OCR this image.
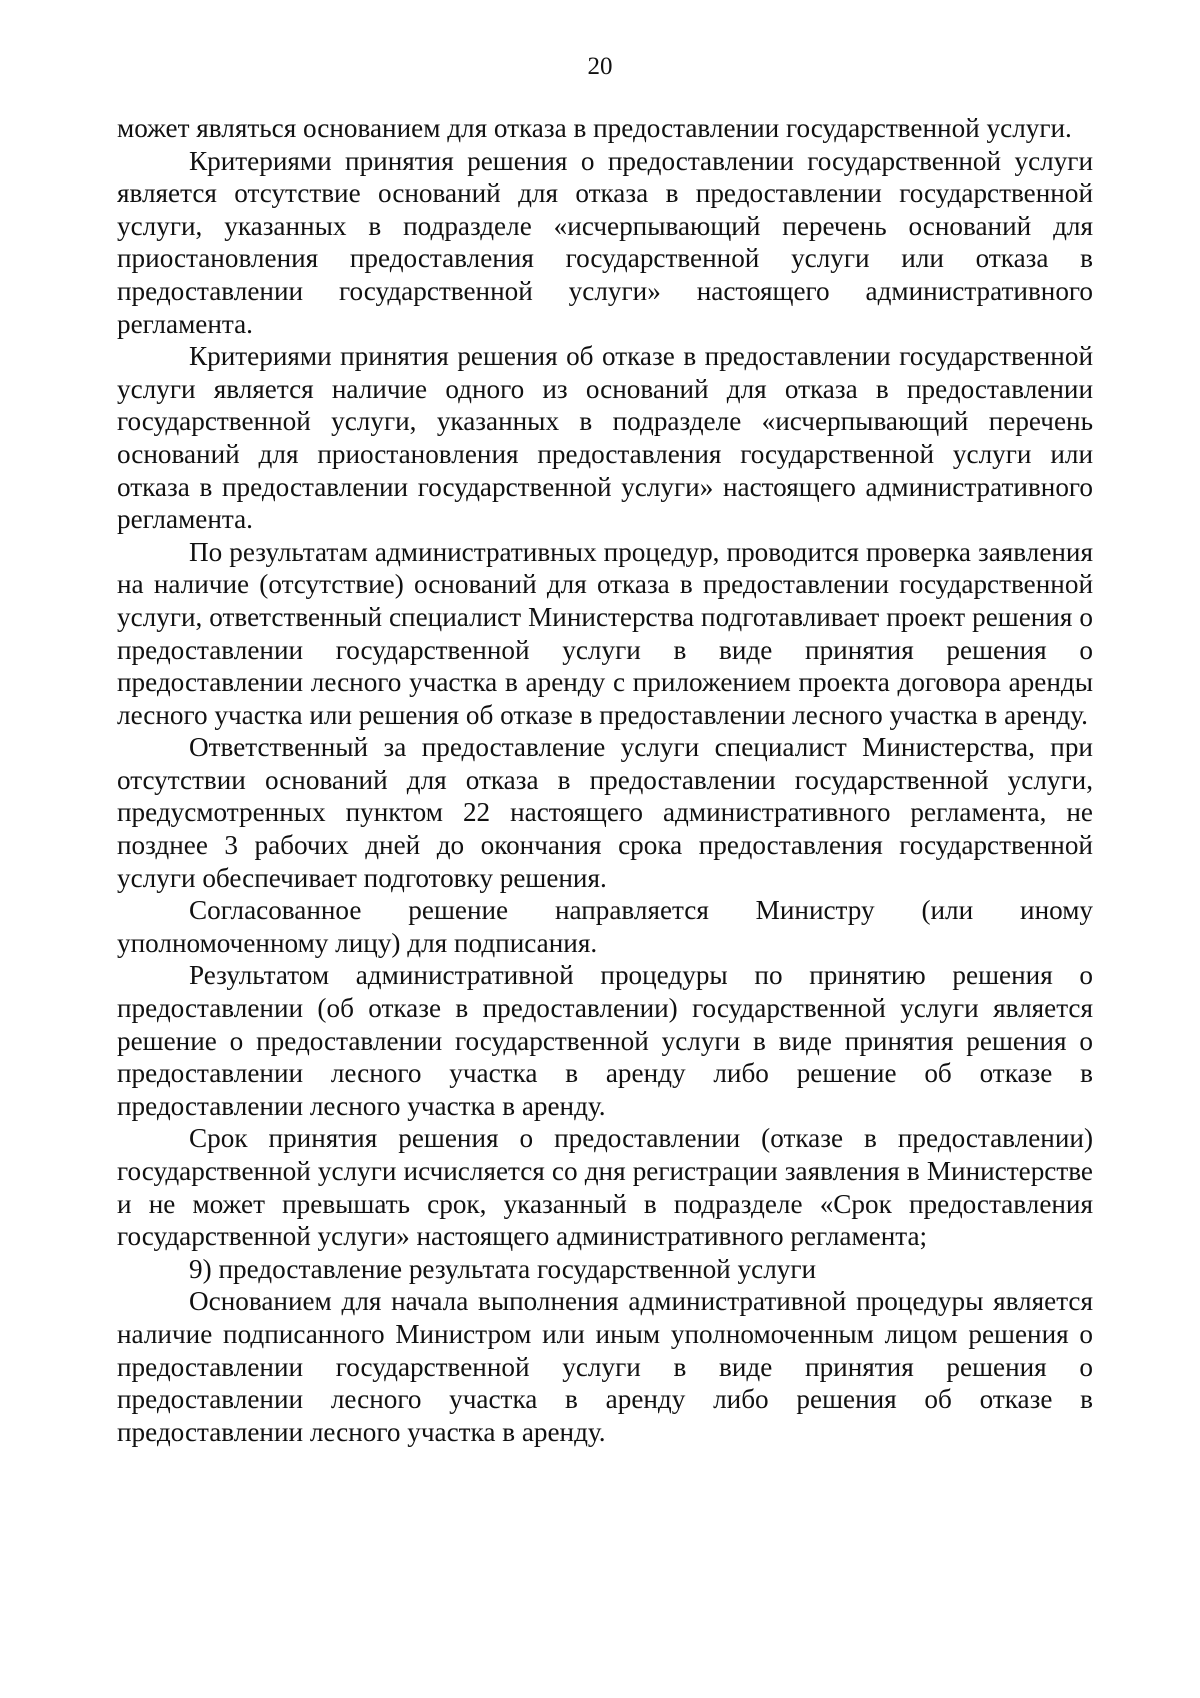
20

может являться основанием для отказа в предоставлении государственной услуги.

Критериями принятия решения о предоставлении государственной услуги является отсутствие оснований для отказа в предоставлении государственной услуги, указанных в подразделе «исчерпывающий перечень оснований для приостановления предоставления государственной услуги или отказа в предоставлении государственной услуги» настоящего административного регламента.

Критериями принятия решения об отказе в предоставлении государственной услуги является наличие одного из оснований для отказа в предоставлении государственной услуги, указанных в подразделе «исчерпывающий перечень оснований для приостановления предоставления государственной услуги или отказа в предоставлении государственной услуги» настоящего административного регламента.

По результатам административных процедур, проводится проверка заявления на наличие (отсутствие) оснований для отказа в предоставлении государственной услуги, ответственный специалист Министерства подготавливает проект решения о предоставлении государственной услуги в виде принятия решения о предоставлении лесного участка в аренду с приложением проекта договора аренды лесного участка или решения об отказе в предоставлении лесного участка в аренду.

Ответственный за предоставление услуги специалист Министерства, при отсутствии оснований для отказа в предоставлении государственной услуги, предусмотренных пунктом 22 настоящего административного регламента, не позднее 3 рабочих дней до окончания срока предоставления государственной услуги обеспечивает подготовку решения.

Согласованное решение направляется Министру (или иному уполномоченному лицу) для подписания.

Результатом административной процедуры по принятию решения о предоставлении (об отказе в предоставлении) государственной услуги является решение о предоставлении государственной услуги в виде принятия решения о предоставлении лесного участка в аренду либо решение об отказе в предоставлении лесного участка в аренду.

Срок принятия решения о предоставлении (отказе в предоставлении) государственной услуги исчисляется со дня регистрации заявления в Министерстве и не может превышать срок, указанный в подразделе «Срок предоставления государственной услуги» настоящего административного регламента;

9) предоставление результата государственной услуги

Основанием для начала выполнения административной процедуры является наличие подписанного Министром или иным уполномоченным лицом решения о предоставлении государственной услуги в виде принятия решения о предоставлении лесного участка в аренду либо решения об отказе в предоставлении лесного участка в аренду.
